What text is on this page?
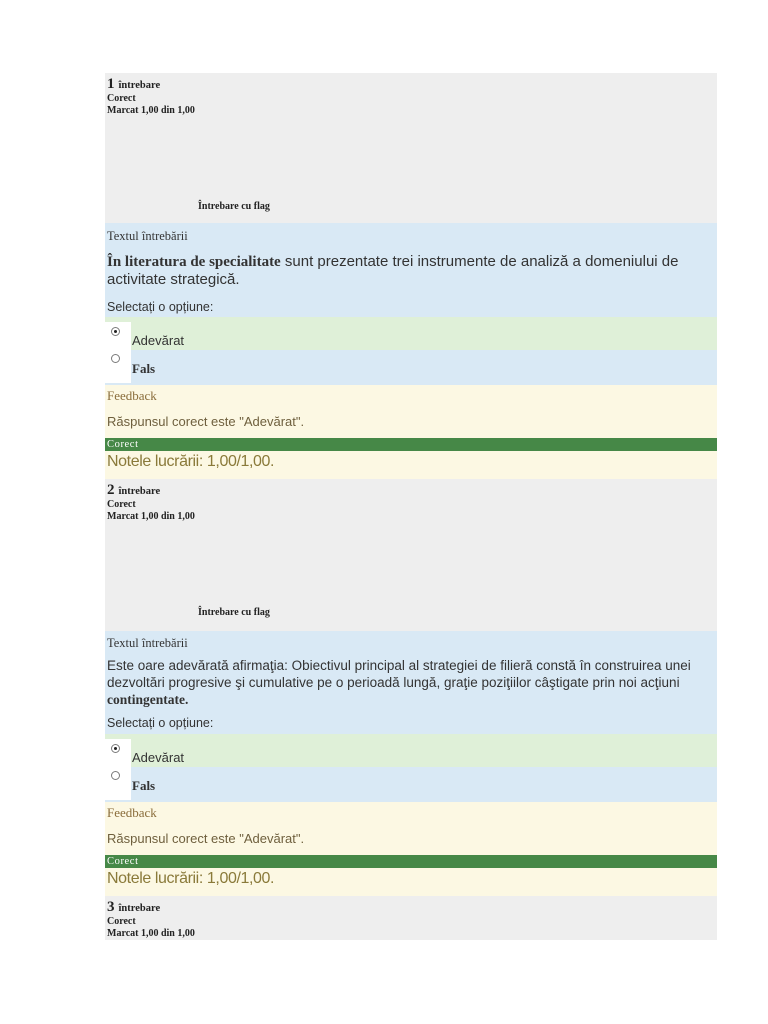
1 întrebare
Corect
Marcat 1,00 din 1,00
Întrebare cu flag
Textul întrebării
În literatura de specialitate sunt prezentate trei instrumente de analiză a domeniului de activitate strategică.
Selectați o opțiune:
Adevărat
Fals
Feedback
Răspunsul corect este "Adevărat".
Corect
Notele lucrării: 1,00/1,00.
2 întrebare
Corect
Marcat 1,00 din 1,00
Întrebare cu flag
Textul întrebării
Este oare adevărată afirmaţia: Obiectivul principal al strategiei de filieră constă în construirea unei dezvoltări progresive şi cumulative pe o perioadă lungă, graţie poziţiilor câştigate prin noi acţiuni contingentate.
Selectați o opțiune:
Adevărat
Fals
Feedback
Răspunsul corect este "Adevărat".
Corect
Notele lucrării: 1,00/1,00.
3 întrebare
Corect
Marcat 1,00 din 1,00
